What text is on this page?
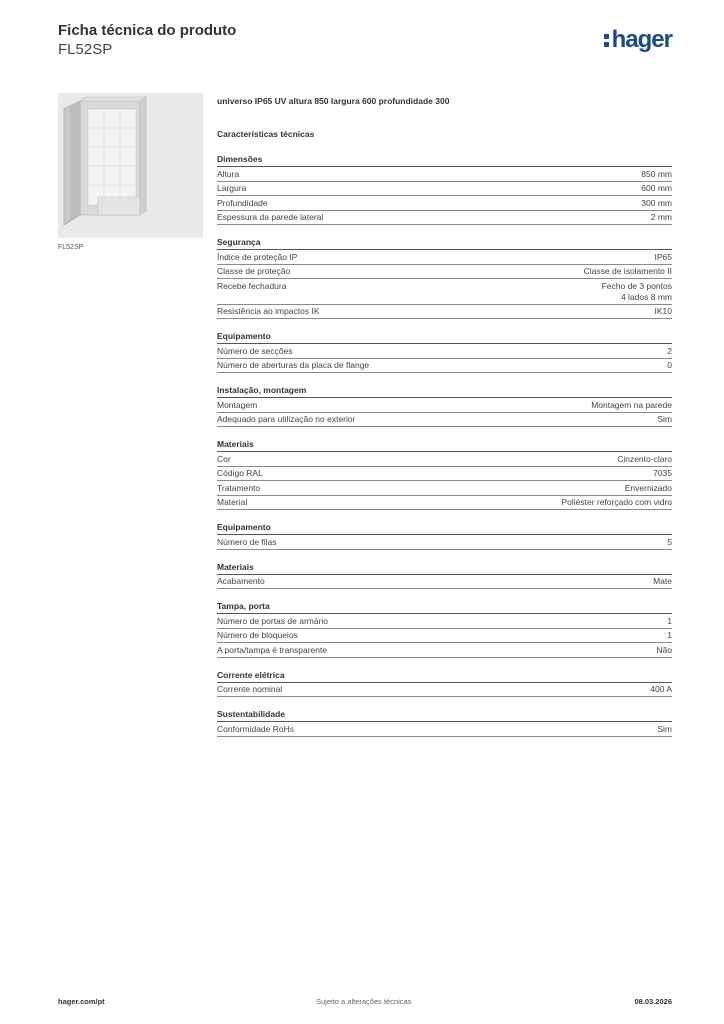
Ficha técnica do produto
FL52SP	hager
FL52SP
universo IP65 UV altura 850 largura 600 profundidade 300
Características técnicas
Dimensões
Altura	850 mm
Largura	600 mm
Profundidade	300 mm
Espessura da parede lateral	2 mm
Segurança
Índice de proteção IP	IP65
Classe de proteção	Classe de isolamento II
Recebe fechadura	Fecho de 3 pontos
4 lados 8 mm
Resistência ao impactos IK	IK10
Equipamento
Número de secções	2
Número de aberturas da placa de flange	0
Instalação, montagem
Montagem	Montagem na parede
Adequado para utilização no exterior	Sim
Materiais
Cor	Cinzento-claro
Código RAL	7035
Tratamento	Envernizado
Material	Poliéster reforçado com vidro
Equipamento
Número de filas	5
Materiais
Acabamento	Mate
Tampa, porta
Número de portas de armário	1
Número de bloqueios	1
A porta/tampa é transparente	Não
Corrente elétrica
Corrente nominal	400 A
Sustentabilidade
Conformidade RoHs	Sim
hager.com/pt	Sujeito a alterações técnicas	08.03.2026
